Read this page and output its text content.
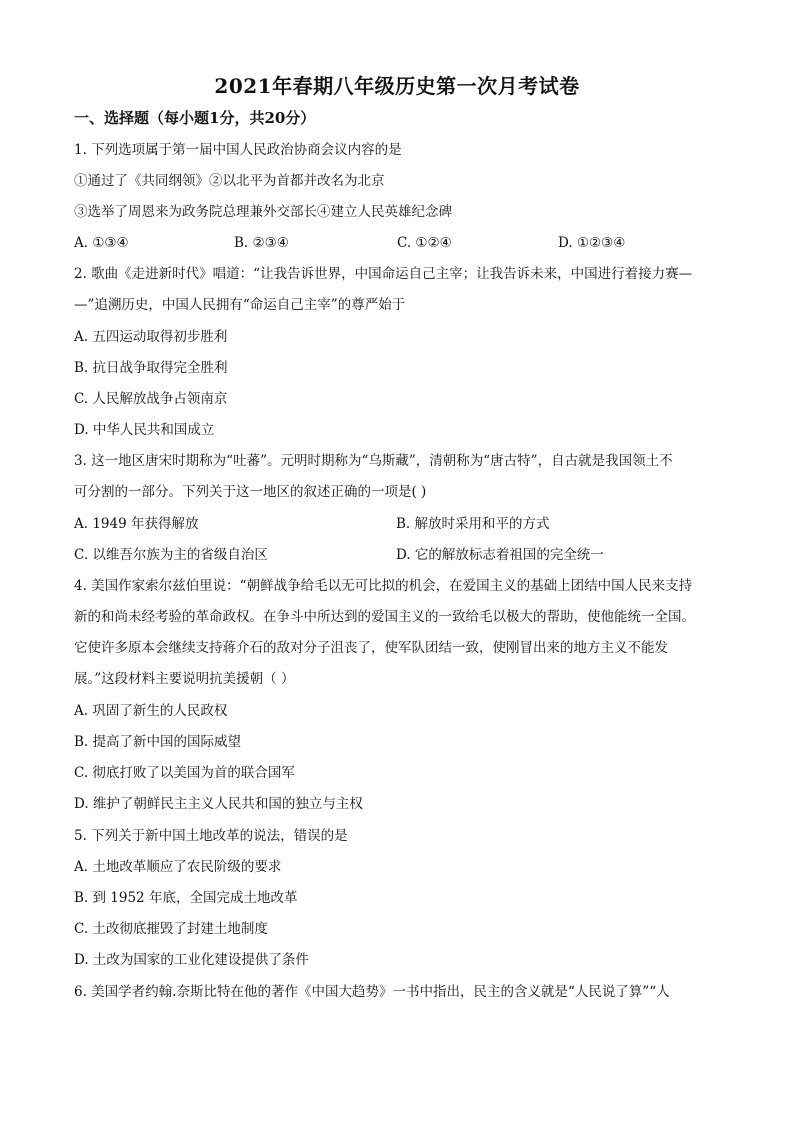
2021年春期八年级历史第一次月考试卷
一、选择题（每小题1分，共20分）
1. 下列选项属于第一届中国人民政治协商会议内容的是
①通过了《共同纲领》②以北平为首都并改名为北京
③选举了周恩来为政务院总理兼外交部长④建立人民英雄纪念碑
A. ①③④	B. ②③④	C. ①②④	D. ①②③④
2. 歌曲《走进新时代》唱道：“让我告诉世界，中国命运自己主宰；让我告诉未来，中国进行着接力赛—
—”追溯历史，中国人民拥有“命运自己主宰”的尊严始于
A. 五四运动取得初步胜利
B. 抗日战争取得完全胜利
C. 人民解放战争占领南京
D. 中华人民共和国成立
3. 这一地区唐宋时期称为“吐蕃”。元明时期称为“乌斯藏”，清朝称为“唐古特”，自古就是我国领土不
可分割的一部分。下列关于这一地区的叙述正确的一项是( )
A. 1949 年获得解放	B. 解放时采用和平的方式
C. 以维吾尔族为主的省级自治区	D. 它的解放标志着祖国的完全统一
4. 美国作家索尔兹伯里说：“朝鲜战争给毛以无可比拟的机会，在爱国主义的基础上团结中国人民来支持
新的和尚未经考验的革命政权。在争斗中所达到的爱国主义的一致给毛以极大的帮助，使他能统一全国。
它使许多原本会继续支持蒋介石的敌对分子沮丧了，使军队团结一致，使刚冒出来的地方主义不能发
展。”这段材料主要说明抗美援朝（ ）
A. 巩固了新生的人民政权
B. 提高了新中国的国际威望
C. 彻底打败了以美国为首的联合国军
D. 维护了朝鲜民主主义人民共和国的独立与主权
5. 下列关于新中国土地改革的说法，错误的是
A. 土地改革顺应了农民阶级的要求
B. 到 1952 年底，全国完成土地改革
C. 土改彻底摧毁了封建土地制度
D. 土改为国家的工业化建设提供了条件
6. 美国学者约翰.奈斯比特在他的著作《中国大趋势》一书中指出，民主的含义就是“人民说了算”“人
